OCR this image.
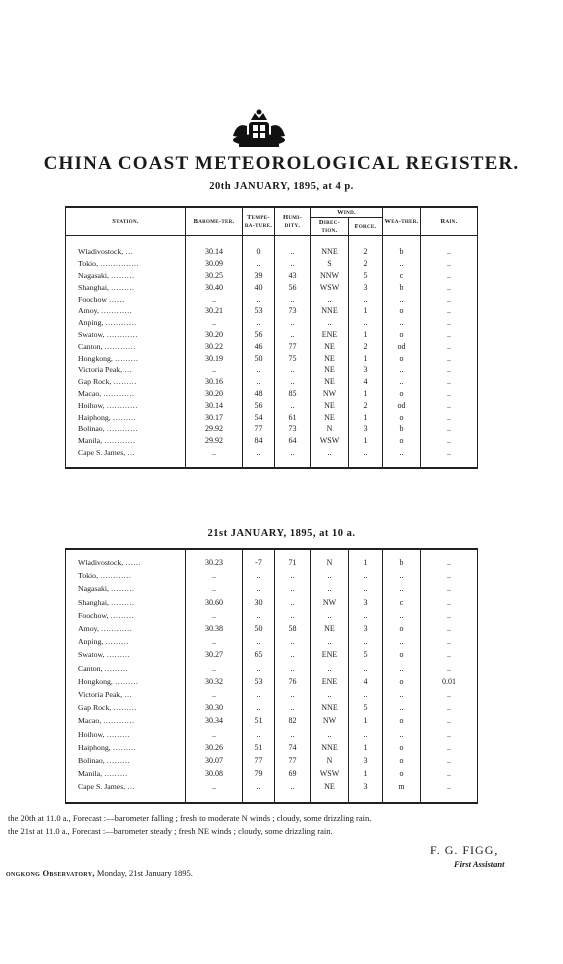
CHINA COAST METEOROLOGICAL REGISTER.
20th JANUARY, 1895, at 4 p.
Station.	Barome-ter.	Tempe-ra-ture.	Humi-dity.	Wind.		Wea-ther.	Rain.
				Direc-tion.	Force.		
Wladivostock, …	30.14	0	..	NNE	2	b	..
Tokio, ……………	30.09	..	..	S	2	..	..
Nagasaki, ………	30.25	39	43	NNW	5	c	..
Shanghai, ………	30.40	40	56	WSW	3	b	..
Foochow ……	..	..	..	..	..	..	..
Amoy, …………	30.21	53	73	NNE	1	o	..
Anping, …………	..	..	..	..	..	..	..
Swatow, …………	30.20	56	..	ENE	1	o	..
Canton, …………	30.22	46	77	NE	2	od	..
Hongkong, ………	30.19	50	75	NE	1	o	..
Victoria Peak, …	..	..	..	NE	3	..	..
Gap Rock, ………	30.16	..	..	NE	4	..	..
Macao, …………	30.20	48	85	NW	1	o	..
Hoihow, …………	30.14	56	..	NE	2	od	..
Haiphong, ………	30.17	54	61	NE	1	o	..
Bolinao, …………	29.92	77	73	N	3	b	..
Manila, …………	29.92	84	64	WSW	1	o	..
Cape S. James, …	..	..	..	..	..	..	..
21st JANUARY, 1895, at 10 a.
Wladivostock, ……	30.23	-7	71	N	1	b	..
Tokio, …………	..	..	..	..	..	..	..
Nagasaki, ………	..	..	..	..	..	..	..
Shanghai, ………	30.60	30	..	NW	3	c	..
Foochow, ………	..	..	..	..	..	..	..
Amoy, …………	30.38	50	58	NE	3	o	..
Anping, ………	..	..	..	..	..	..	..
Swatow, ………	30.27	65	..	ENE	5	o	..
Canton, ………	..	..	..	..	..	..	..
Hongkong, ………	30.32	53	76	ENE	4	o	0.01
Victoria Peak, …	..	..	..	..	..	..	..
Gap Rock, ………	30.30	..	..	NNE	5	..	..
Macao, …………	30.34	51	82	NW	1	o	..
Hoihow, ………	..	..	..	..	..	..	..
Haiphong, ………	30.26	51	74	NNE	1	o	..
Bolinao, ………	30.07	77	77	N	3	o	..
Manila, ………	30.08	79	69	WSW	1	o	..
Cape S. James, …	..	..	..	NE	3	m	..
the 20th at 11.0 a., Forecast :—barometer falling ; fresh to moderate N winds ; cloudy, some drizzling rain.
the 21st at 11.0 a., Forecast :—barometer steady ; fresh NE winds ; cloudy, some drizzling rain.
F. G. FIGG,
First Assistant
ongkong Observatory, Monday, 21st January 1895.
